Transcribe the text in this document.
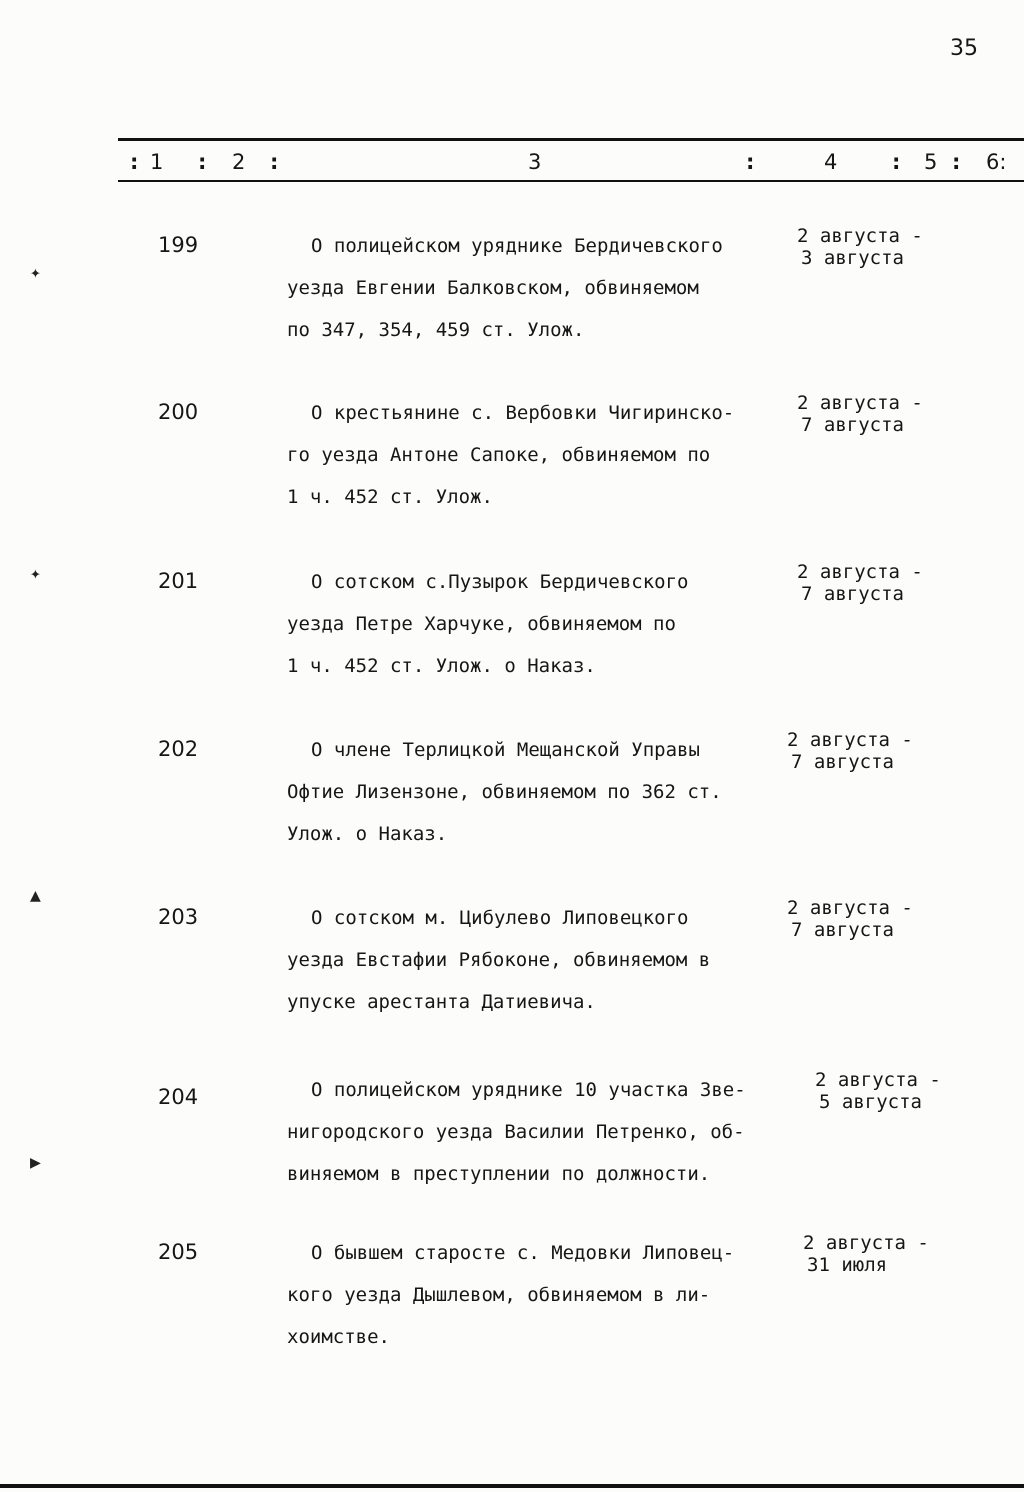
35
: 1 : 2 :	3	:	4	: 5 : 6:
199	О полицейском уряднике Бердичевского
уезда Евгении Балковском, обвиняемом
по 347, 354, 459 ст. Улож.
2 августа -
3 августа
200	О крестьянине с. Вербовки Чигиринско-
го уезда Антоне Сапоке, обвиняемом по
1 ч. 452 ст. Улож.
2 августа -
7 августа
201	О сотском с.Пузырок Бердичевского
уезда Петре Харчуке, обвиняемом по
1 ч. 452 ст. Улож. о Наказ.
2 августа -
7 августа
202	О члене Терлицкой Мещанской Управы
Офтие Лизензоне, обвиняемом по 362 ст.
Улож. о Наказ.
2 августа -
7 августа
203	О сотском м. Цибулево Липовецкого
уезда Евстафии Рябоконе, обвиняемом в
упуске арестанта Датиевича.
2 августа -
7 августа
204	О полицейском уряднике 10 участка Зве-
нигородского уезда Василии Петренко, об-
виняемом в преступлении по должности.
2 августа -
5 августа
205	О бывшем старосте с. Медовки Липовец-
кого уезда Дышлевом, обвиняемом в ли-
хоимстве.
2 августа -
31 июля
✦
✦
▲
▶
